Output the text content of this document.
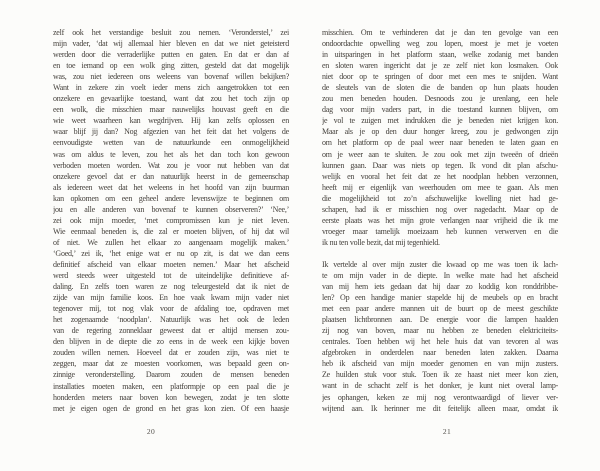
zelf ook het verstandige besluit zou nemen. ‘Veronderstel,’ zei
mijn vader, ‘dat wij allemaal hier bleven en dat we niet geteisterd
werden door die verraderlijke putten en gaten. En dat er dan af
en toe iemand op een wolk ging zitten, gesteld dat dat mogelijk
was, zou niet iedereen ons weleens van bovenaf willen bekijken?
Want in zekere zin voelt ieder mens zich aangetrokken tot een
onzekere en gevaarlijke toestand, want dat zou het toch zijn op
een wolk, die misschien maar nauwelijks houvast geeft en die
wie weet waarheen kan wegdrijven. Hij kan zelfs oplossen en
waar blijf jij dan? Nog afgezien van het feit dat het volgens de
eenvoudigste wetten van de natuurkunde een onmogelijkheid
was om aldus te leven, zou het als het dan toch kon gewoon
verboden moeten worden. Wat zou je voor nut hebben van dat
onzekere gevoel dat er dan natuurlijk heerst in de gemeenschap
als iedereen weet dat het weleens in het hoofd van zijn buurman
kan opkomen om een geheel andere levenswijze te beginnen om
jou en alle anderen van bovenaf te kunnen observeren?’ ‘Nee,’
zei ook mijn moeder, ‘met compromissen kun je niet leven.
Wie eenmaal beneden is, die zal er moeten blijven, of hij dat wil
of niet. We zullen het elkaar zo aangenaam mogelijk maken.’
‘Goed,’ zei ik, ‘het enige wat er nu op zit, is dat we dan eens
definitief afscheid van elkaar moeten nemen.’ Maar het afscheid
werd steeds weer uitgesteld tot de uiteindelijke definitieve af-
daling. En zelfs toen waren ze nog teleurgesteld dat ik niet de
zijde van mijn familie koos. En hoe vaak kwam mijn vader niet
tegenover mij, tot nog vlak voor de afdaling toe, opdraven met
het zogenaamde ‘noodplan’. Natuurlijk was het ook de leden
van de regering zonneklaar geweest dat er altijd mensen zou-
den blijven in de diepte die zo eens in de week een kijkje boven
zouden willen nemen. Hoeveel dat er zouden zijn, was niet te
zeggen, maar dat ze moesten voorkomen, was bepaald geen on-
zinnige veronderstelling. Daarom zouden de mensen beneden
installaties moeten maken, een platformpje op een paal die je
honderden meters naar boven kon bewegen, zodat je ten slotte
met je eigen ogen de grond en het gras kon zien. Of een haasje
20
misschien. Om te verhinderen dat je dan ten gevolge van een
ondoordachte opwelling weg zou lopen, moest je met je voeten
in uitsparingen in het platform staan, welke zodanig met banden
en sloten waren ingericht dat je ze zelf niet kon losmaken. Ook
niet door op te springen of door met een mes te snijden. Want
de sleutels van de sloten die de banden op hun plaats houden
zou men beneden houden. Desnoods zou je urenlang, een hele
dag voor mijn vaders part, in die toestand kunnen blijven, om
je vol te zuigen met indrukken die je beneden niet krijgen kon.
Maar als je op den duur honger kreeg, zou je gedwongen zijn
om het platform op de paal weer naar beneden te laten gaan en
om je weer aan te sluiten. Je zou ook met zijn tweeën of drieën
kunnen gaan. Daar was niets op tegen. Ik vond dit plan afschu-
welijk en vooral het feit dat ze het noodplan hebben verzonnen,
heeft mij er eigenlijk van weerhouden om mee te gaan. Als men
die mogelijkheid tot zo’n afschuwelijke kwelling niet had ge-
schapen, had ik er misschien nog over nagedacht. Maar op de
eerste plaats was het mijn grote verlangen naar vrijheid die ik me
vroeger maar tamelijk moeizaam heb kunnen verwerven en die
ik nu ten volle bezit, dat mij tegenhield.
Ik vertelde al over mijn zuster die kwaad op me was toen ik lach-
te om mijn vader in de diepte. In welke mate had het afscheid
van mij hem iets gedaan dat hij daar zo koddig kon ronddribbe-
len? Op een handige manier stapelde hij de meubels op en bracht
met een paar andere mannen uit de buurt op de meest geschikte
plaatsen lichtbronnen aan. De energie voor die lampen haalden
zij nog van boven, maar nu hebben ze beneden elektriciteits-
centrales. Toen hebben wij het hele huis dat van tevoren al was
afgebroken in onderdelen naar beneden laten zakken. Daarna
heb ik afscheid van mijn moeder genomen en van mijn zusters.
Ze huilden stuk voor stuk. Toen ik ze haast niet meer kon zien,
want in de schacht zelf is het donker, je kunt niet overal lamp-
jes ophangen, keken ze mij nog verontwaardigd of liever ver-
wijtend aan. Ik herinner me dit feitelijk alleen maar, omdat ik
21
